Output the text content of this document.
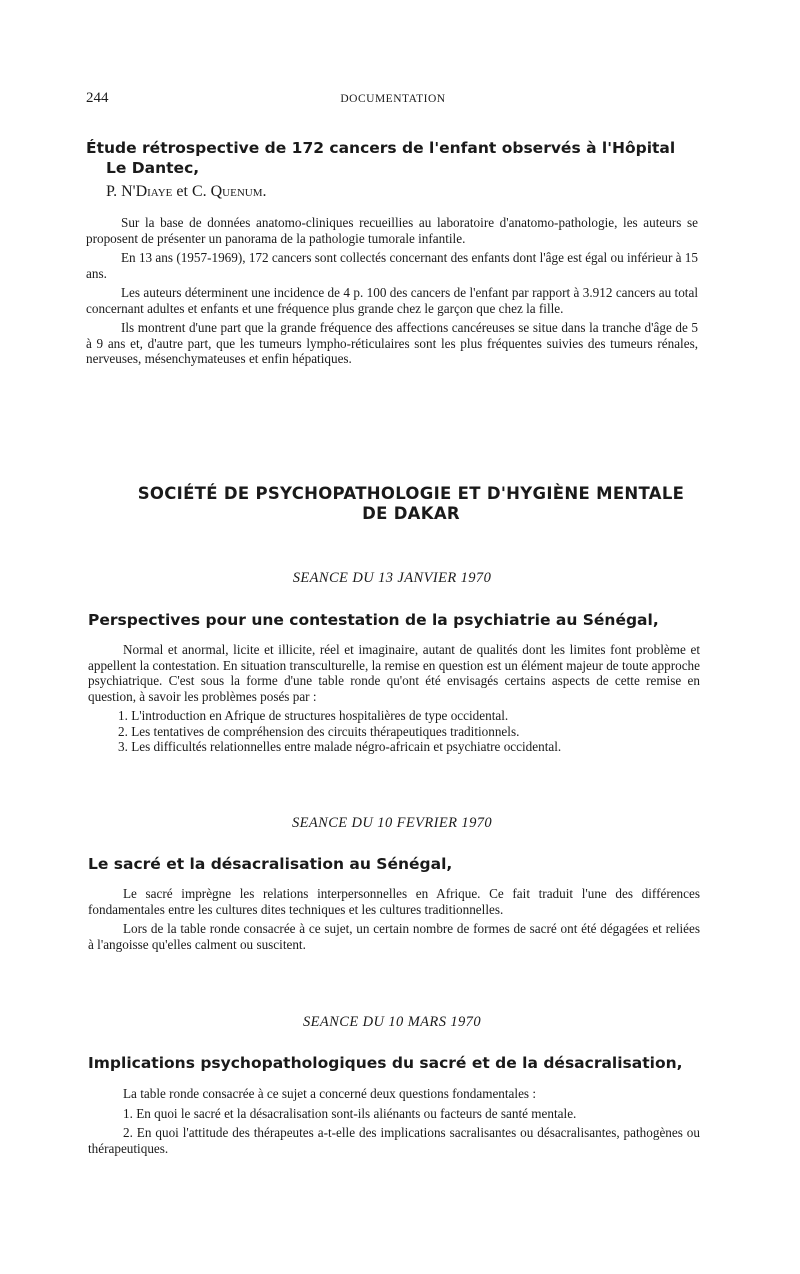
244	DOCUMENTATION
Étude rétrospective de 172 cancers de l'enfant observés à l'Hôpital
Le Dantec,
P. N'Diaye et C. Quenum.

Sur la base de données anatomo-cliniques recueillies au laboratoire d'anatomo-pathologie, les auteurs se proposent de présenter un panorama de la pathologie tumorale infantile.

En 13 ans (1957-1969), 172 cancers sont collectés concernant des enfants dont l'âge est égal ou inférieur à 15 ans.

Les auteurs déterminent une incidence de 4 p. 100 des cancers de l'enfant par rapport à 3.912 cancers au total concernant adultes et enfants et une fréquence plus grande chez le garçon que chez la fille.

Ils montrent d'une part que la grande fréquence des affections cancéreuses se situe dans la tranche d'âge de 5 à 9 ans et, d'autre part, que les tumeurs lympho-réticulaires sont les plus fréquentes suivies des tumeurs rénales, nerveuses, mésenchymateuses et enfin hépatiques.

SOCIÉTÉ DE PSYCHOPATHOLOGIE ET D'HYGIÈNE MENTALE
DE DAKAR
SEANCE DU 13 JANVIER 1970
Perspectives pour une contestation de la psychiatrie au Sénégal,

Normal et anormal, licite et illicite, réel et imaginaire, autant de qualités dont les limites font problème et appellent la contestation. En situation transculturelle, la remise en question est un élément majeur de toute approche psychiatrique. C'est sous la forme d'une table ronde qu'ont été envisagés certains aspects de cette remise en question, à savoir les problèmes posés par :

1. L'introduction en Afrique de structures hospitalières de type occidental.

2. Les tentatives de compréhension des circuits thérapeutiques traditionnels.

3. Les difficultés relationnelles entre malade négro-africain et psychiatre occidental.

SEANCE DU 10 FEVRIER 1970
Le sacré et la désacralisation au Sénégal,

Le sacré imprègne les relations interpersonnelles en Afrique. Ce fait traduit l'une des différences fondamentales entre les cultures dites techniques et les cultures traditionnelles.

Lors de la table ronde consacrée à ce sujet, un certain nombre de formes de sacré ont été dégagées et reliées à l'angoisse qu'elles calment ou suscitent.

SEANCE DU 10 MARS 1970
Implications psychopathologiques du sacré et de la désacralisation,

La table ronde consacrée à ce sujet a concerné deux questions fondamentales :

1. En quoi le sacré et la désacralisation sont-ils aliénants ou facteurs de santé mentale.

2. En quoi l'attitude des thérapeutes a-t-elle des implications sacralisantes ou désacralisantes, pathogènes ou thérapeutiques.
